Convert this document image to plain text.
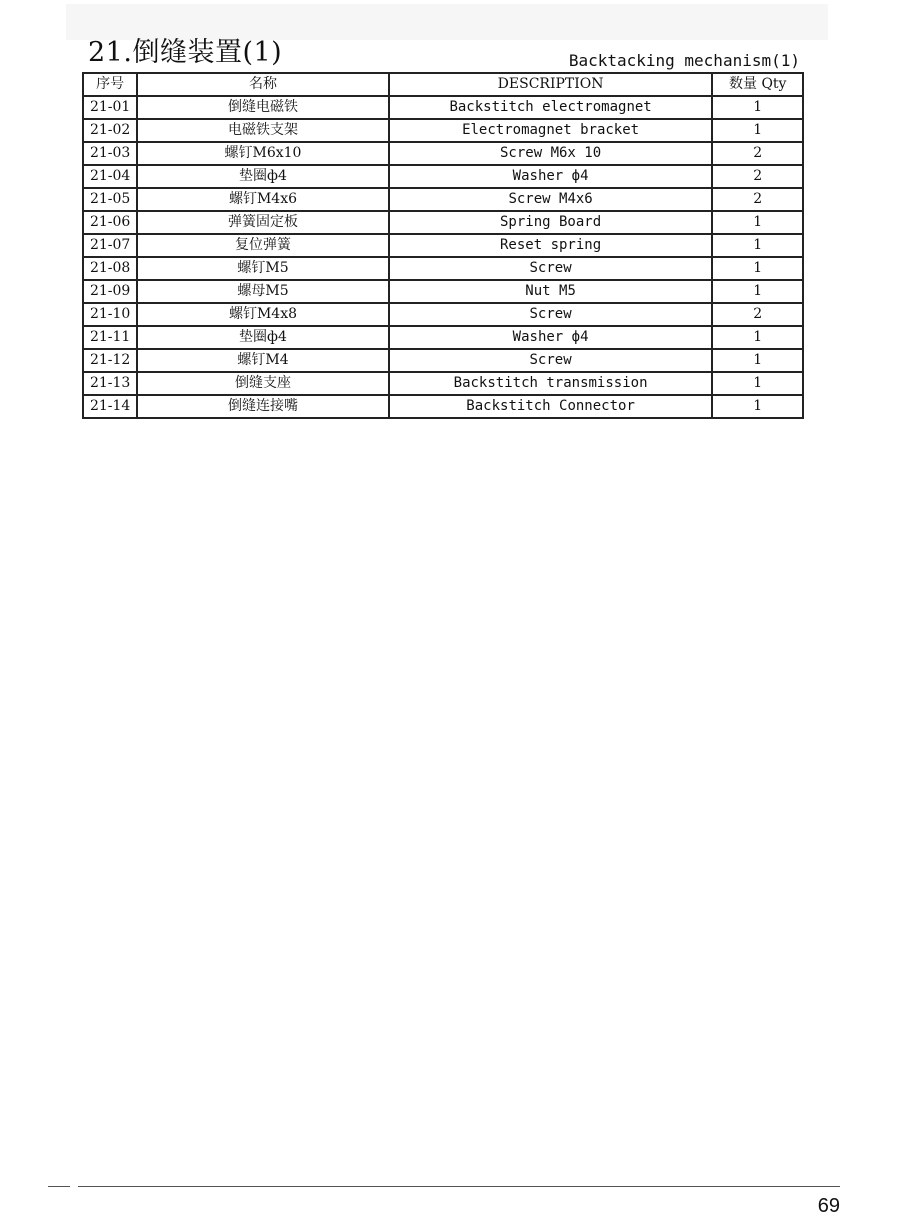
21.倒缝装置(1)	Backtacking mechanism(1)
序号	名称	DESCRIPTION	数量 Qty
21-01	倒缝电磁铁	Backstitch electromagnet	1
21-02	电磁铁支架	Electromagnet bracket	1
21-03	螺钉M6x10	Screw M6x 10	2
21-04	垫圈ф4	Washer ф4	2
21-05	螺钉M4x6	Screw M4x6	2
21-06	弹簧固定板	Spring Board	1
21-07	复位弹簧	Reset spring	1
21-08	螺钉M5	Screw	1
21-09	螺母M5	Nut M5	1
21-10	螺钉M4x8	Screw	2
21-11	垫圈ф4	Washer ф4	1
21-12	螺钉M4	Screw	1
21-13	倒缝支座	Backstitch transmission	1
21-14	倒缝连接嘴	Backstitch Connector	1
69
